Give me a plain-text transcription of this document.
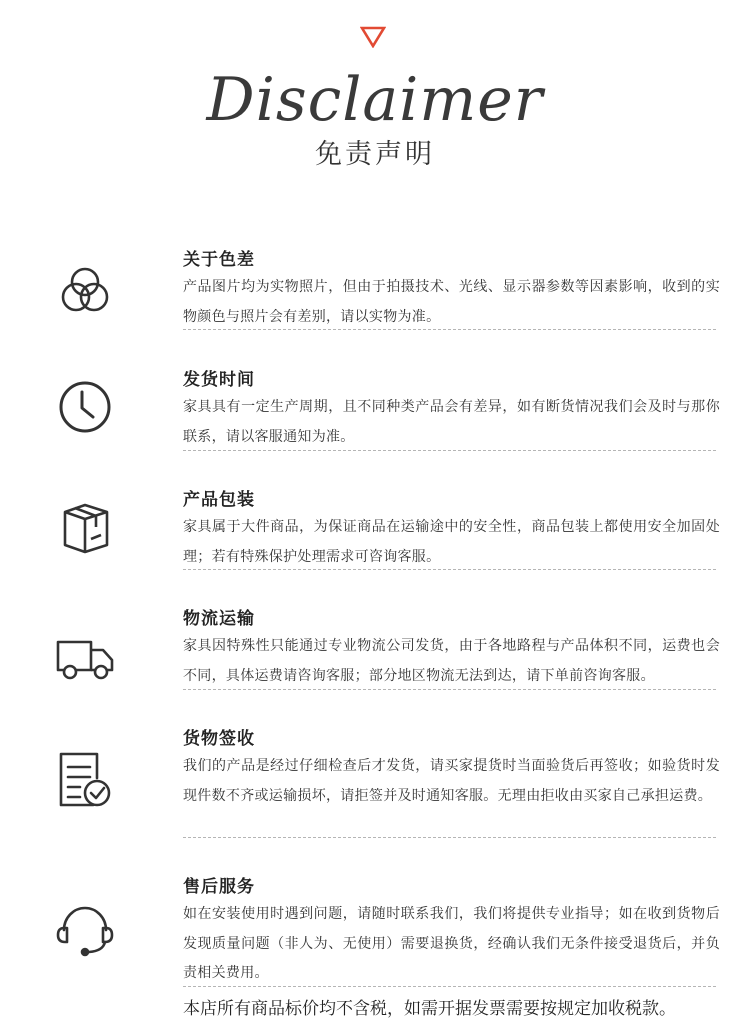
Disclaimer
免责声明
关于色差
产品图片均为实物照片，但由于拍摄技术、光线、显示器参数等因素影响，收到的实物颜色与照片会有差别，请以实物为准。
发货时间
家具具有一定生产周期，且不同种类产品会有差异，如有断货情况我们会及时与那你联系，请以客服通知为准。
产品包装
家具属于大件商品，为保证商品在运输途中的安全性，商品包装上都使用安全加固处理；若有特殊保护处理需求可咨询客服。
物流运输
家具因特殊性只能通过专业物流公司发货，由于各地路程与产品体积不同，运费也会不同，具体运费请咨询客服；部分地区物流无法到达，请下单前咨询客服。
货物签收
我们的产品是经过仔细检查后才发货，请买家提货时当面验货后再签收；如验货时发现件数不齐或运输损坏，请拒签并及时通知客服。无理由拒收由买家自己承担运费。
售后服务
如在安装使用时遇到问题，请随时联系我们，我们将提供专业指导；如在收到货物后发现质量问题（非人为、无使用）需要退换货，经确认我们无条件接受退货后，并负责相关费用。
本店所有商品标价均不含税，如需开据发票需要按规定加收税款。
